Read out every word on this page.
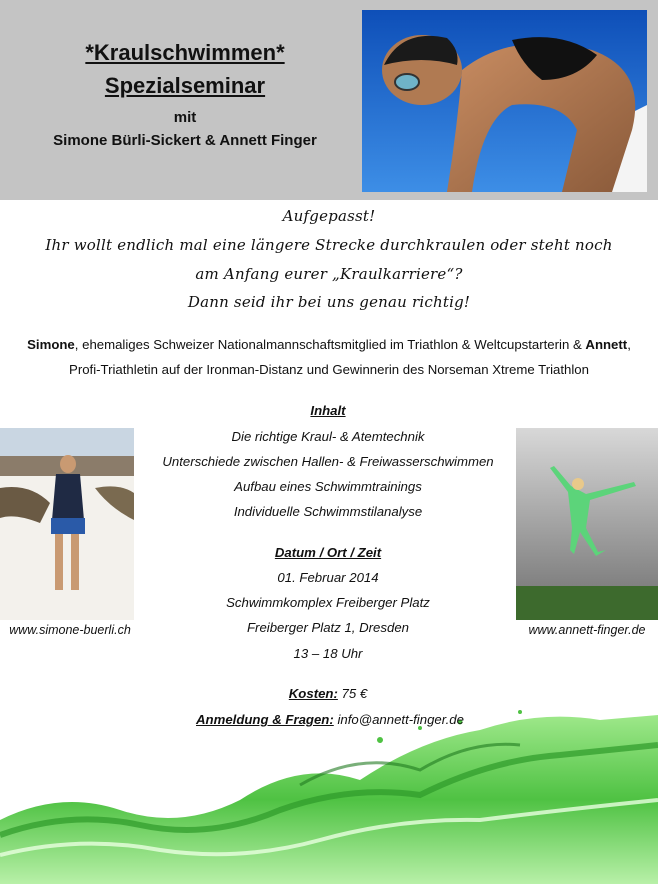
*Kraulschwimmen*
Spezialseminar
mit
Simone Bürli-Sickert & Annett Finger
Aufgepasst!
Ihr wollt endlich mal eine längere Strecke durchkraulen oder steht noch
am Anfang eurer „Kraulkarriere“?
Dann seid ihr bei uns genau richtig!
Simone, ehemaliges Schweizer Nationalmannschaftsmitglied im Triathlon & Weltcupstarterin & Annett,
Profi-Triathletin auf der Ironman-Distanz und Gewinnerin des Norseman Xtreme Triathlon
www.simone-buerli.ch	www.annett-finger.de
Inhalt
Die richtige Kraul- & Atemtechnik
Unterschiede zwischen Hallen- & Freiwasserschwimmen
Aufbau eines Schwimmtrainings
Individuelle Schwimmstilanalyse
Datum / Ort / Zeit
01. Februar 2014
Schwimmkomplex Freiberger Platz
Freiberger Platz 1, Dresden
13 – 18 Uhr
Kosten: 75 €
Anmeldung & Fragen: info@annett-finger.de
